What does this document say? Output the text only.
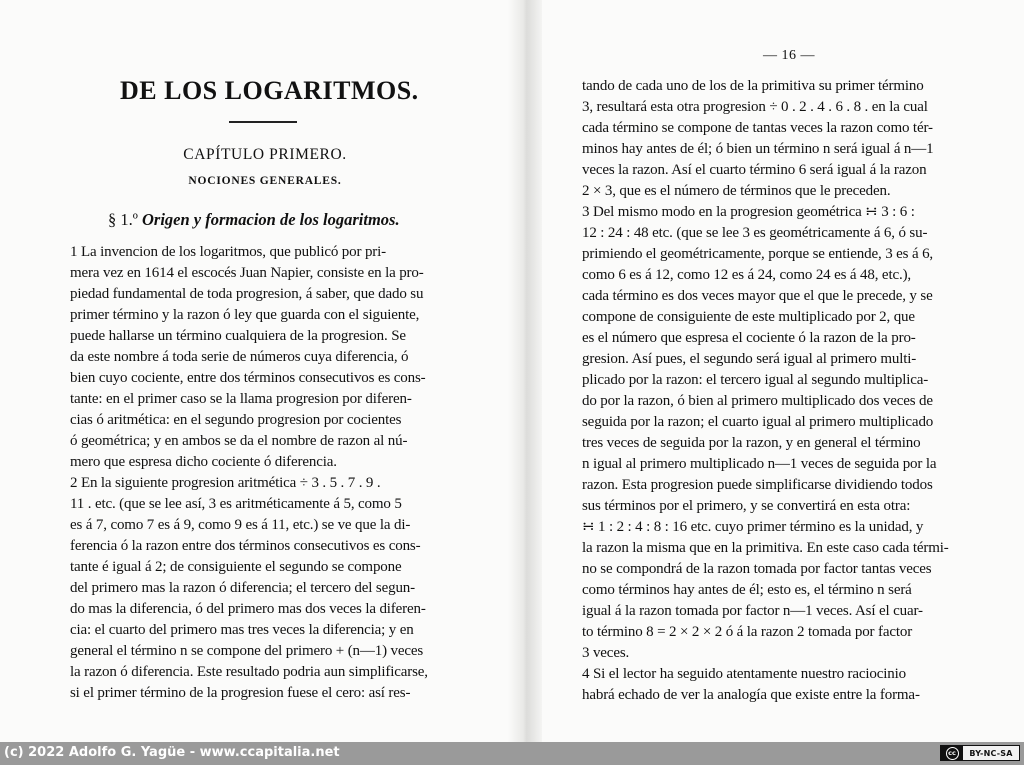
DE LOS LOGARITMOS.
CAPÍTULO PRIMERO.
NOCIONES GENERALES.
§ 1.º Origen y formacion de los logaritmos.
1 La invencion de los logaritmos, que publicó por pri-
mera vez en 1614 el escocés Juan Napier, consiste en la pro-
piedad fundamental de toda progresion, á saber, que dado su
primer término y la razon ó ley que guarda con el siguiente,
puede hallarse un término cualquiera de la progresion. Se
da este nombre á toda serie de números cuya diferencia, ó
bien cuyo cociente, entre dos términos consecutivos es cons-
tante: en el primer caso se la llama progresion por diferen-
cias ó aritmética: en el segundo progresion por cocientes
ó geométrica; y en ambos se da el nombre de razon al nú-
mero que espresa dicho cociente ó diferencia.
2 En la siguiente progresion aritmética ÷ 3 . 5 . 7 . 9 .
11 . etc. (que se lee así, 3 es aritméticamente á 5, como 5
es á 7, como 7 es á 9, como 9 es á 11, etc.) se ve que la di-
ferencia ó la razon entre dos términos consecutivos es cons-
tante é igual á 2; de consiguiente el segundo se compone
del primero mas la razon ó diferencia; el tercero del segun-
do mas la diferencia, ó del primero mas dos veces la diferen-
cia: el cuarto del primero mas tres veces la diferencia; y en
general el término n se compone del primero + (n—1) veces
la razon ó diferencia. Este resultado podria aun simplificarse,
si el primer término de la progresion fuese el cero: así res-
— 16 —
tando de cada uno de los de la primitiva su primer término
3, resultará esta otra progresion ÷ 0 . 2 . 4 . 6 . 8 . en la cual
cada término se compone de tantas veces la razon como tér-
minos hay antes de él; ó bien un término n será igual á n—1
veces la razon. Así el cuarto término 6 será igual á la razon
2 × 3, que es el número de términos que le preceden.
3 Del mismo modo en la progresion geométrica ∺ 3 : 6 :
12 : 24 : 48 etc. (que se lee 3 es geométricamente á 6, ó su-
primiendo el geométricamente, porque se entiende, 3 es á 6,
como 6 es á 12, como 12 es á 24, como 24 es á 48, etc.),
cada término es dos veces mayor que el que le precede, y se
compone de consiguiente de este multiplicado por 2, que
es el número que espresa el cociente ó la razon de la pro-
gresion. Así pues, el segundo será igual al primero multi-
plicado por la razon: el tercero igual al segundo multiplica-
do por la razon, ó bien al primero multiplicado dos veces de
seguida por la razon; el cuarto igual al primero multiplicado
tres veces de seguida por la razon, y en general el término
n igual al primero multiplicado n—1 veces de seguida por la
razon. Esta progresion puede simplificarse dividiendo todos
sus términos por el primero, y se convertirá en esta otra:
∺ 1 : 2 : 4 : 8 : 16 etc. cuyo primer término es la unidad, y
la razon la misma que en la primitiva. En este caso cada térmi-
no se compondrá de la razon tomada por factor tantas veces
como términos hay antes de él; esto es, el término n será
igual á la razon tomada por factor n—1 veces. Así el cuar-
to término 8 = 2 × 2 × 2 ó á la razon 2 tomada por factor
3 veces.
4 Si el lector ha seguido atentamente nuestro raciocinio
habrá echado de ver la analogía que existe entre la forma-
(c) 2022 Adolfo G. Yagüe - www.ccapitalia.net	cc	BY-NC-SA
